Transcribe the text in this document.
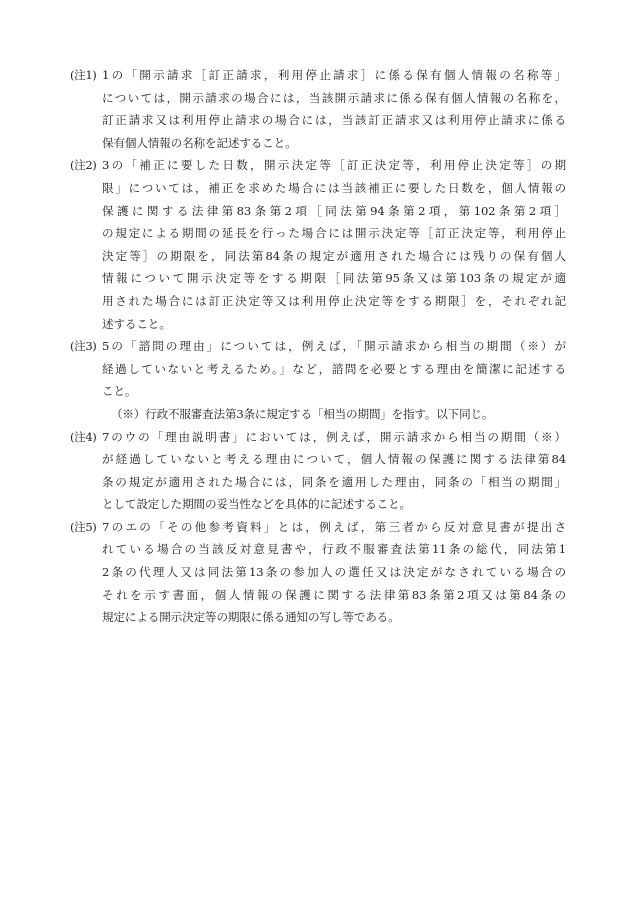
(注1) 1の「開示請求［訂正請求，利用停止請求］に係る保有個人情報の名称等」
については，開示請求の場合には，当該開示請求に係る保有個人情報の名称を，
訂正請求又は利用停止請求の場合には，当該訂正請求又は利用停止請求に係る
保有個人情報の名称を記述すること。
(注2) 3の「補正に要した日数，開示決定等［訂正決定等，利用停止決定等］の期
限」については，補正を求めた場合には当該補正に要した日数を，個人情報の
保護に関する法律第83条第2項［同法第94条第2項，第102条第2項］
の規定による期間の延長を行った場合には開示決定等［訂正決定等，利用停止
決定等］の期限を，同法第84条の規定が適用された場合には残りの保有個人
情報について開示決定等をする期限［同法第95条又は第103条の規定が適
用された場合には訂正決定等又は利用停止決定等をする期限］を，それぞれ記
述すること。
(注3) 5の「諮問の理由」については，例えば，「開示請求から相当の期間（※）が
経過していないと考えるため。」など，諮問を必要とする理由を簡潔に記述する
こと。
（※）行政不服審査法第3条に規定する「相当の期間」を指す。以下同じ。
(注4) 7のウの「理由説明書」においては，例えば，開示請求から相当の期間（※）
が経過していないと考える理由について，個人情報の保護に関する法律第84
条の規定が適用された場合には，同条を適用した理由，同条の「相当の期間」
として設定した期間の妥当性などを具体的に記述すること。
(注5) 7のエの「その他参考資料」とは，例えば，第三者から反対意見書が提出さ
れている場合の当該反対意見書や，行政不服審査法第11条の総代，同法第1
2条の代理人又は同法第13条の参加人の選任又は決定がなされている場合の
それを示す書面，個人情報の保護に関する法律第83条第2項又は第84条の
規定による開示決定等の期限に係る通知の写し等である。
